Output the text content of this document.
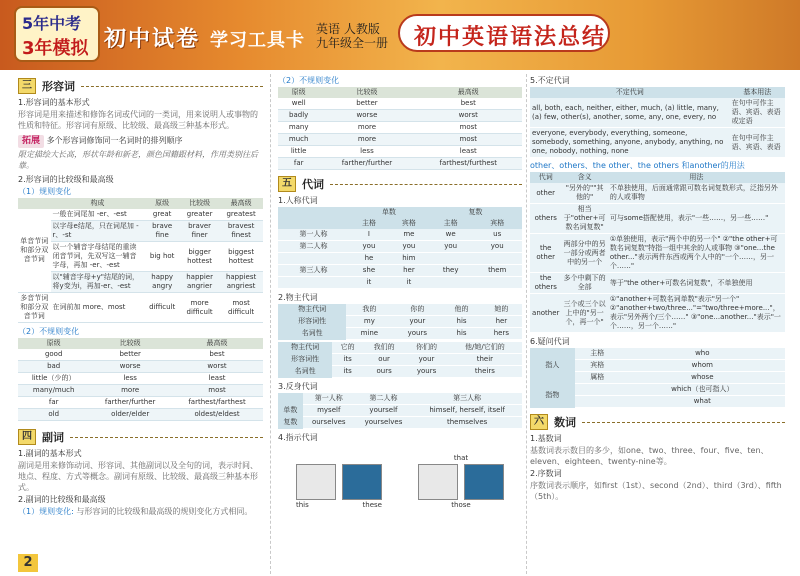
5年中考
3年模拟 初中试卷 学习工具卡
英语 人教版
九年级全一册 初中英语语法总结
三 形容词
1.形容词的基本形式
形容词是用来描述和修饰名词或代词的一类词，用来说明人或事物的性质和特征。形容词有原级、比较级、最高级三种基本形式。
拓展 多个形容词修饰同一名词时的排列顺序
限定描绘大长高，形状年龄和新老，颜色国籍跟材料，作用类别往后靠。
2.形容词的比较级和最高级
（1）规则变化
	构成	原级	比较级	最高级
单音节词和部分双音节词	一般在词尾加 -er、-est	great	greater	greatest
	以字母e结尾，只在词尾加 -r、-st	brave fine	braver finer	bravest finest
	以一个辅音字母结尾的重读闭音节词，先双写这一辅音字母，再加 -er、-est	big hot	bigger hottest	biggest hottest
	以"辅音字母+y"结尾的词，将y变为i，再加-er、-est	happy angry	happier angrier	happiest angriest
多音节词和部分双音节词	在词前加 more、most	difficult	more difficult	most difficult
（2）不规则变化
原级	比较级	最高级
good	better	best
bad	worse	worst
little（少的）	less	least
many/much	more	most
far	farther/further	farthest/farthest
old	older/elder	oldest/eldest
四 副词
1.副词的基本形式
副词是用来修饰动词、形容词、其他副词以及全句的词，表示时间、地点、程度、方式等概念。副词有原级、比较级、最高级三种基本形式。
2.副词的比较级和最高级
（1）规则变化: 与形容词的比较级和最高级的规则变化方式相同。
（2）不规则变化
原级	比较级	最高级
well	better	best
badly	worse	worst
many	more	most
much	more	most
little	less	least
far	farther/further	farthest/furthest
五 代词
1.人称代词
	单数		复数	
	主格	宾格	主格	宾格
第一人称	I	me	we	us
第二人称	you	you	you	you
	he	him		
第三人称	she	her	they	them
	it	it		
2.物主代词
物主代词	我的	你的	他的	她的
形容词性	my	your	his	her
名词性	mine	yours	his	hers
物主代词	它的	我们的	你们的	他/她/它们的
形容词性	its	our	your	their
名词性	its	ours	yours	theirs
3.反身代词
	第一人称	第二人称	第三人称
单数	myself	yourself	himself, herself, itself
复数	ourselves	yourselves	themselves
4.指示代词
this	these
that
those
5.不定代词
不定代词	基本用法
all, both, each, neither, either, much, (a) little, many, (a) few, other(s), another, some, any, one, every, no	在句中可作主语、宾语、表语或定语
everyone, everybody, everything, someone, somebody, something, anyone, anybody, anything, no one, nobody, nothing, none	在句中可作主语、宾语、表语
other、others、the other、the others 和another的用法
代词	含义	用法
other	"另外的""其他的"	不单独使用，后面通常跟可数名词复数形式，泛指另外的人或事物
others	相当于"other+可数名词复数"	可与some搭配使用，表示"一些……，另一些……"
the other	两部分中的另一部分或两者中的另一个	①单独使用，表示"两个中的另一个" ②"the other+可数名词复数"特指一组中其余的人或事物 ③"one...the other..."表示两件东西或两个人中的"一个……，另一个……"
the others	多个中剩下的全部	等于"the other+可数名词复数"，不单独使用
another	三个或三个以上中的"另一个，再一个"	①"another+可数名词单数"表示"另一个" ②"another+two/three..."="two/three+more..."，表示"另外两个/三个……" ③"one...another..."表示"一个……，另一个……"
6.疑问代词
指人	主格	who
	宾格	whom
	属格	whose
指物		which（也可指人）
		what
六 数词
1.基数词
基数词表示数目的多少，如one、two、three、four、five、ten、eleven、eighteen、twenty-nine等。
2.序数词
序数词表示顺序，如first（1st）、second（2nd）、third（3rd）、fifth（5th）。
2
